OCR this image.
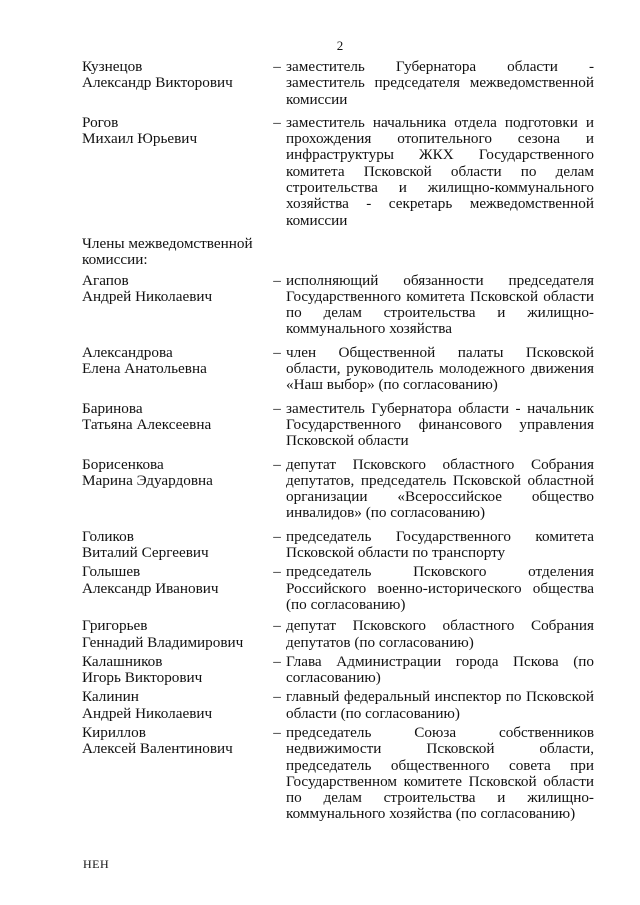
2
Кузнецов
Александр Викторович
– заместитель Губернатора области - заместитель председателя межведомственной комиссии
Рогов
Михаил Юрьевич
– заместитель начальника отдела подготовки и прохождения отопительного сезона и инфраструктуры ЖКХ Государственного комитета Псковской области по делам строительства и жилищно-коммунального хозяйства - секретарь межведомственной комиссии
Члены межведомственной комиссии:
Агапов
Андрей Николаевич
– исполняющий обязанности председателя Государственного комитета Псковской области по делам строительства и жилищно-коммунального хозяйства
Александрова
Елена Анатольевна
– член Общественной палаты Псковской области, руководитель молодежного движения «Наш выбор» (по согласованию)
Баринова
Татьяна Алексеевна
– заместитель Губернатора области - начальник Государственного финансового управления Псковской области
Борисенкова
Марина Эдуардовна
– депутат Псковского областного Собрания депутатов, председатель Псковской областной организации «Всероссийское общество инвалидов» (по согласованию)
Голиков
Виталий Сергеевич
– председатель Государственного комитета Псковской области по транспорту
Голышев
Александр Иванович
– председатель Псковского отделения Российского военно-исторического общества (по согласованию)
Григорьев
Геннадий Владимирович
– депутат Псковского областного Собрания депутатов (по согласованию)
Калашников
Игорь Викторович
– Глава Администрации города Пскова (по согласованию)
Калинин
Андрей Николаевич
– главный федеральный инспектор по Псковской области (по согласованию)
Кириллов
Алексей Валентинович
– председатель Союза собственников недвижимости Псковской области, председатель общественного совета при Государственном комитете Псковской области по делам строительства и жилищно-коммунального хозяйства (по согласованию)
НЕН
